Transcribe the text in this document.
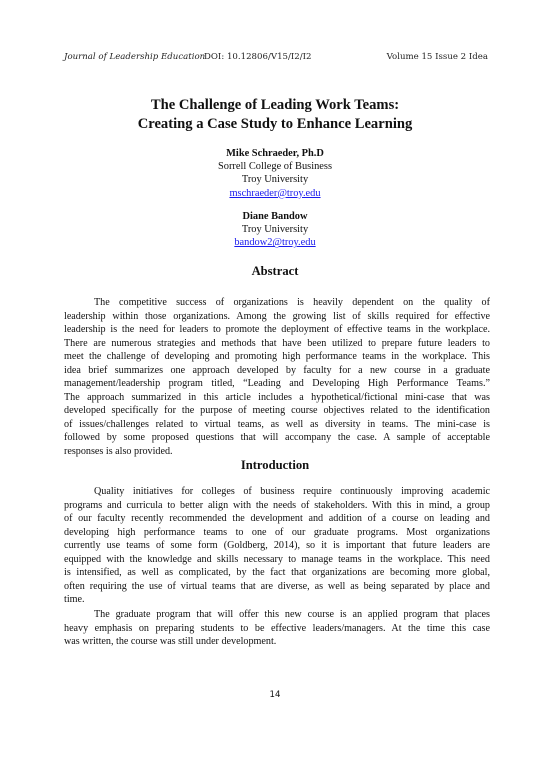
Journal of Leadership Education
DOI: 10.12806/V15/I2/I2	Volume 15 Issue 2 Idea
The Challenge of Leading Work Teams:
Creating a Case Study to Enhance Learning
Mike Schraeder, Ph.D
Sorrell College of Business
Troy University
mschraeder@troy.edu
Diane Bandow
Troy University
bandow2@troy.edu
Abstract
The competitive success of organizations is heavily dependent on the quality of
leadership within those organizations. Among the growing list of skills required for effective
leadership is the need for leaders to promote the deployment of effective teams in the workplace.
There are numerous strategies and methods that have been utilized to prepare future leaders to
meet the challenge of developing and promoting high performance teams in the workplace. This
idea brief summarizes one approach developed by faculty for a new course in a graduate
management/leadership program titled, “Leading and Developing High Performance Teams.”
The approach summarized in this article includes a hypothetical/fictional mini-case that was
developed specifically for the purpose of meeting course objectives related to the identification
of issues/challenges related to virtual teams, as well as diversity in teams. The mini-case is
followed by some proposed questions that will accompany the case. A sample of acceptable
responses is also provided.
Introduction
Quality initiatives for colleges of business require continuously improving academic
programs and curricula to better align with the needs of stakeholders. With this in mind, a group
of our faculty recently recommended the development and addition of a course on leading and
developing high performance teams to one of our graduate programs. Most organizations
currently use teams of some form (Goldberg, 2014), so it is important that future leaders are
equipped with the knowledge and skills necessary to manage teams in the workplace. This need
is intensified, as well as complicated, by the fact that organizations are becoming more global,
often requiring the use of virtual teams that are diverse, as well as being separated by place and
time.
The graduate program that will offer this new course is an applied program that places
heavy emphasis on preparing students to be effective leaders/managers. At the time this case
was written, the course was still under development.
14
